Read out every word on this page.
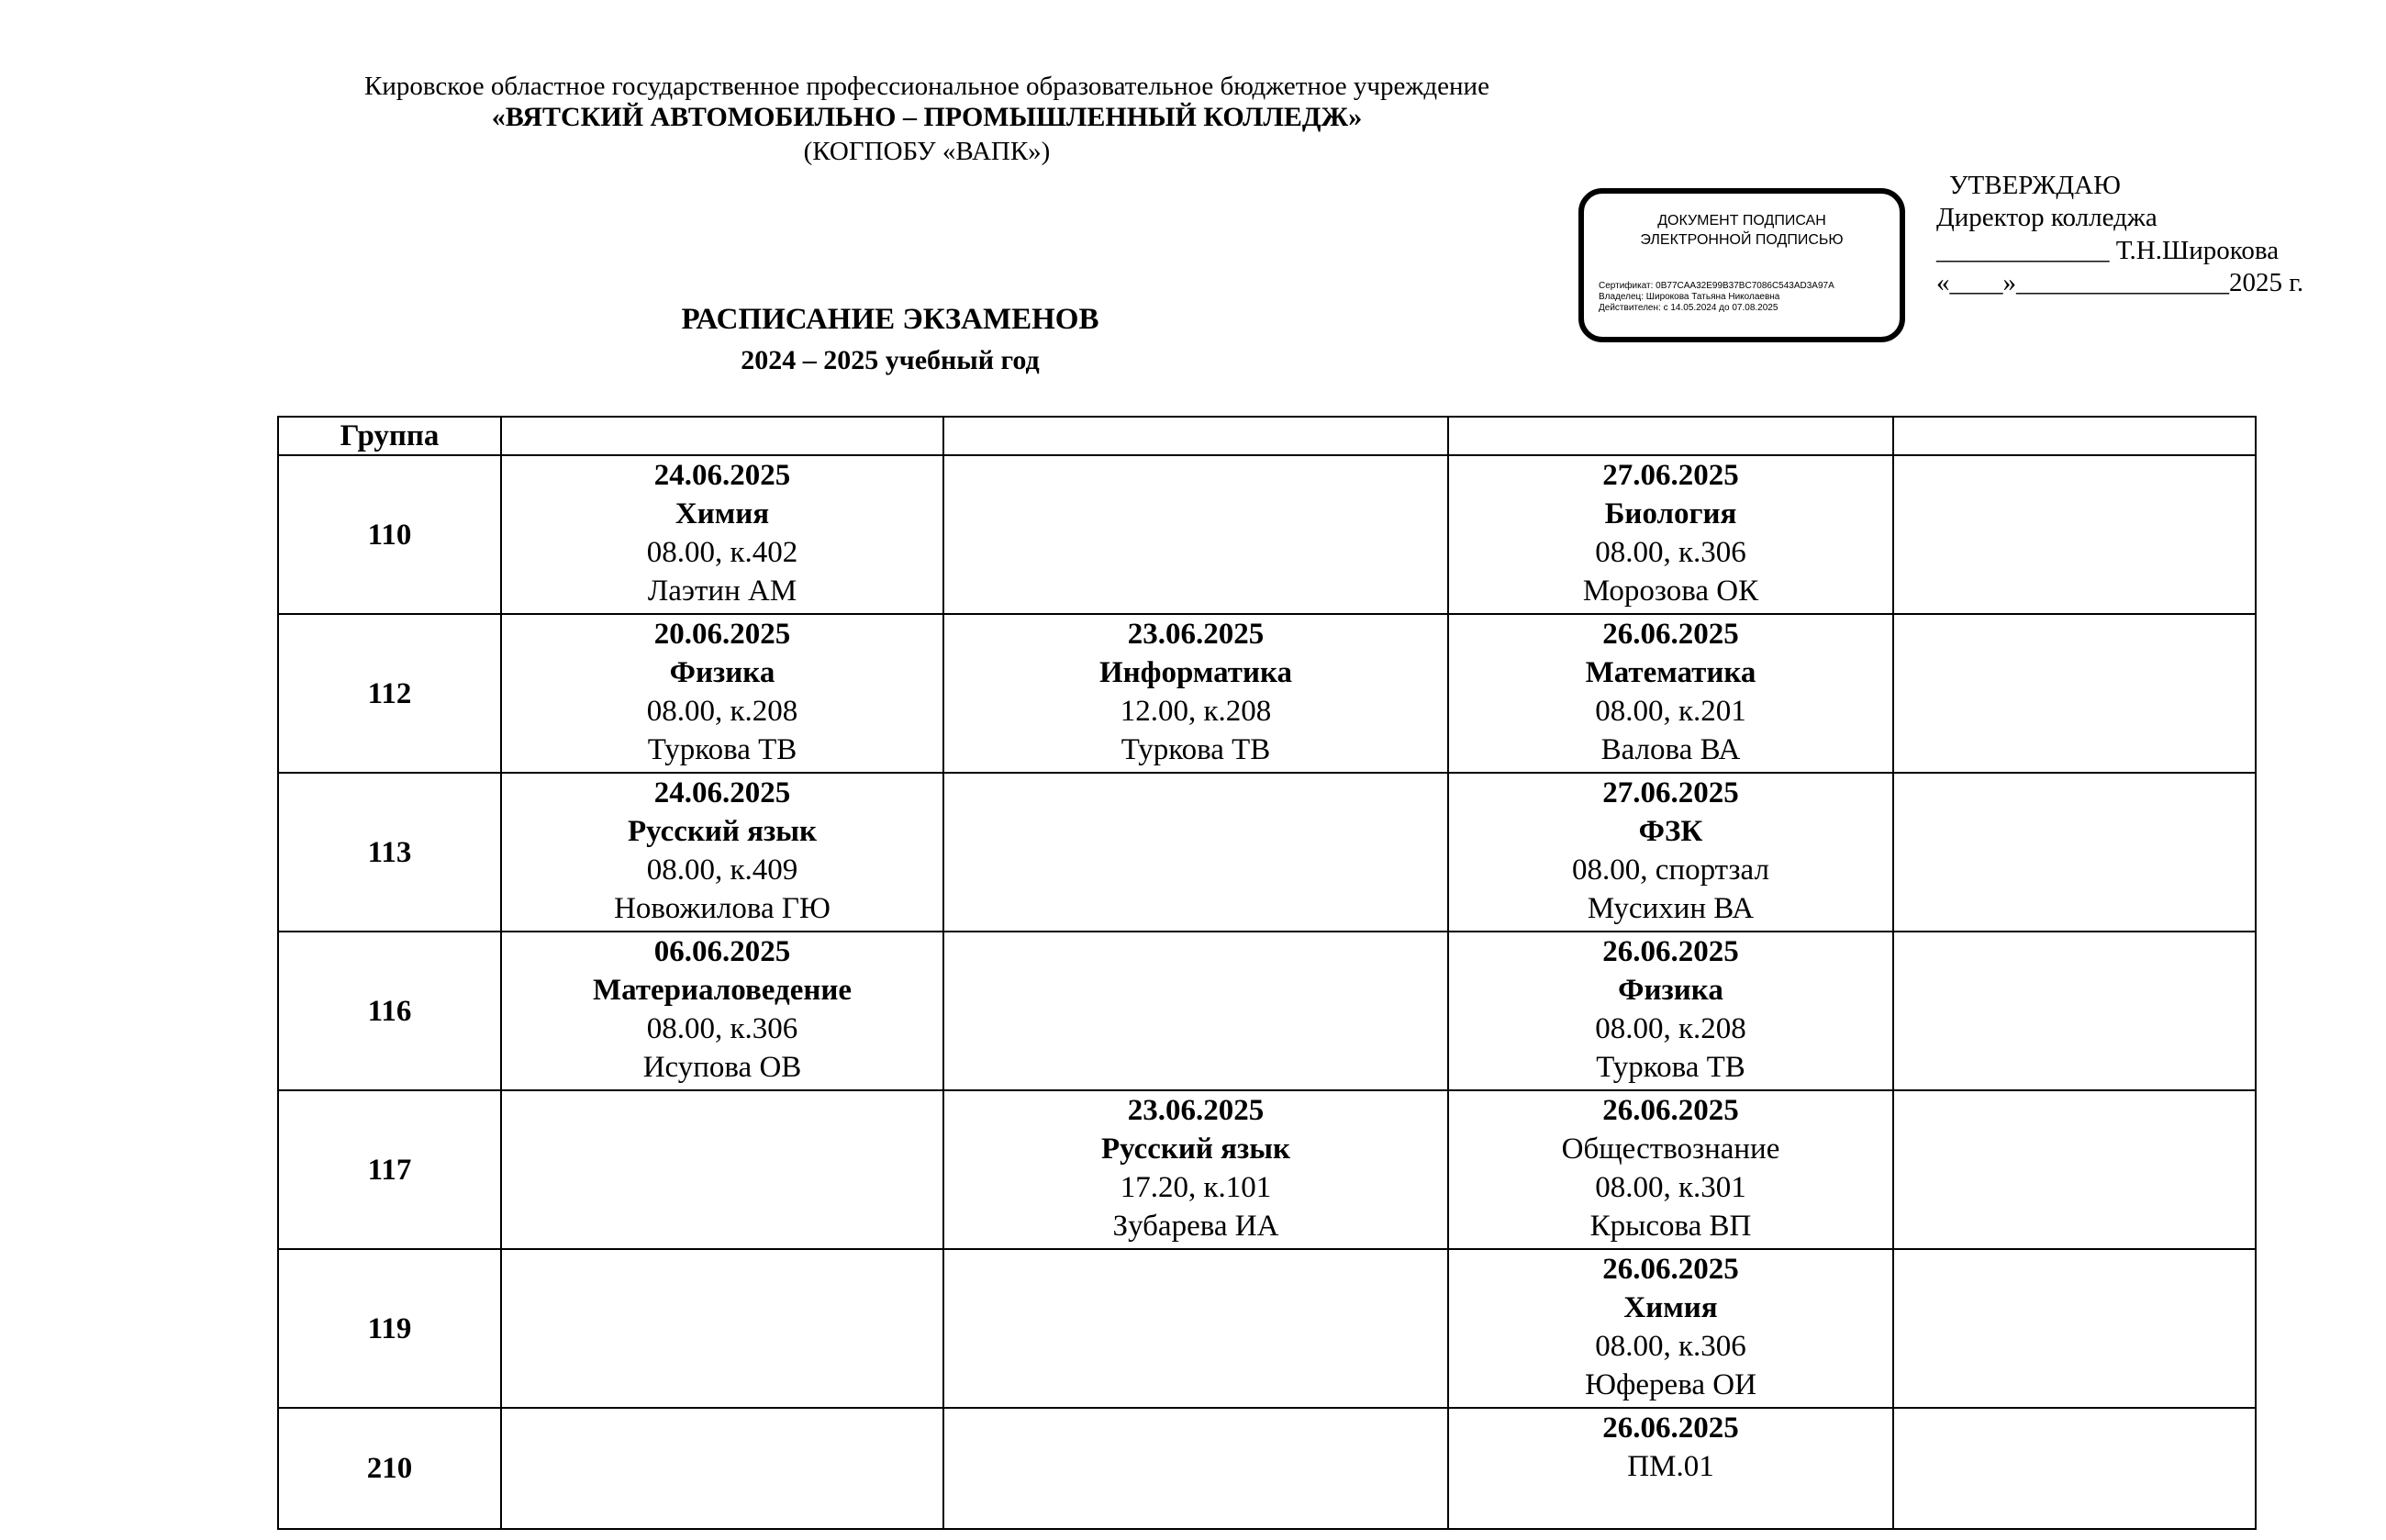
Кировское областное государственное профессиональное образовательное бюджетное учреждение
«ВЯТСКИЙ АВТОМОБИЛЬНО – ПРОМЫШЛЕННЫЙ КОЛЛЕДЖ»
(КОГПОБУ «ВАПК»)
ДОКУМЕНТ ПОДПИСАН
ЭЛЕКТРОННОЙ ПОДПИСЬЮ
Сертификат: 0B77CAA32E99B37BC7086C543AD3A97A
Владелец: Широкова Татьяна Николаевна
Действителен: с 14.05.2024 до 07.08.2025
УТВЕРЖДАЮ
Директор колледжа
_____________ Т.Н.Широкова
«____»________________2025 г.
РАСПИСАНИЕ ЭКЗАМЕНОВ
2024 – 2025 учебный год
Группа				
110	24.06.2025
Химия
08.00, к.402
Лаэтин АМ		27.06.2025
Биология
08.00, к.306
Морозова ОК	

112	20.06.2025
Физика
08.00, к.208
Туркова ТВ	23.06.2025
Информатика
12.00, к.208
Туркова ТВ	26.06.2025
Математика
08.00, к.201
Валова ВА	

113	24.06.2025
Русский язык
08.00, к.409
Новожилова ГЮ		27.06.2025
ФЗК
08.00, спортзал
Мусихин ВА	

116	06.06.2025
Материаловедение
08.00, к.306
Исупова ОВ		26.06.2025
Физика
08.00, к.208
Туркова ТВ	

117		23.06.2025
Русский язык
17.20, к.101
Зубарева ИА	26.06.2025
Обществознание
08.00, к.301
Крысова ВП	

119			26.06.2025
Химия
08.00, к.306
Юферева ОИ	

210			26.06.2025
ПМ.01	
